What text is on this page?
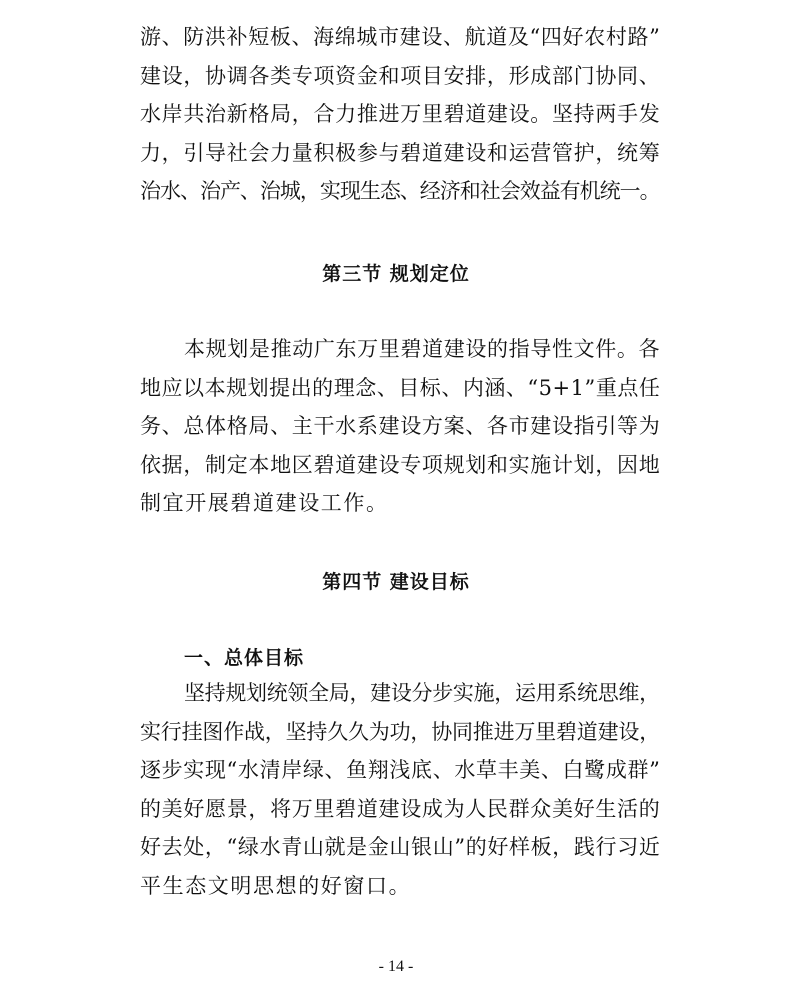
游、防洪补短板、海绵城市建设、航道及“四好农村路”
建设，协调各类专项资金和项目安排，形成部门协同、
水岸共治新格局，合力推进万里碧道建设。坚持两手发
力，引导社会力量积极参与碧道建设和运营管护，统筹
治水、治产、治城，实现生态、经济和社会效益有机统一。
第三节 规划定位
本规划是推动广东万里碧道建设的指导性文件。各
地应以本规划提出的理念、目标、内涵、“5+1”重点任
务、总体格局、主干水系建设方案、各市建设指引等为
依据，制定本地区碧道建设专项规划和实施计划，因地
制宜开展碧道建设工作。
第四节 建设目标
一、总体目标
坚持规划统领全局，建设分步实施，运用系统思维，
实行挂图作战，坚持久久为功，协同推进万里碧道建设，
逐步实现“水清岸绿、鱼翔浅底、水草丰美、白鹭成群”
的美好愿景，将万里碧道建设成为人民群众美好生活的
好去处，“绿水青山就是金山银山”的好样板，践行习近
平生态文明思想的好窗口。
- 14 -
